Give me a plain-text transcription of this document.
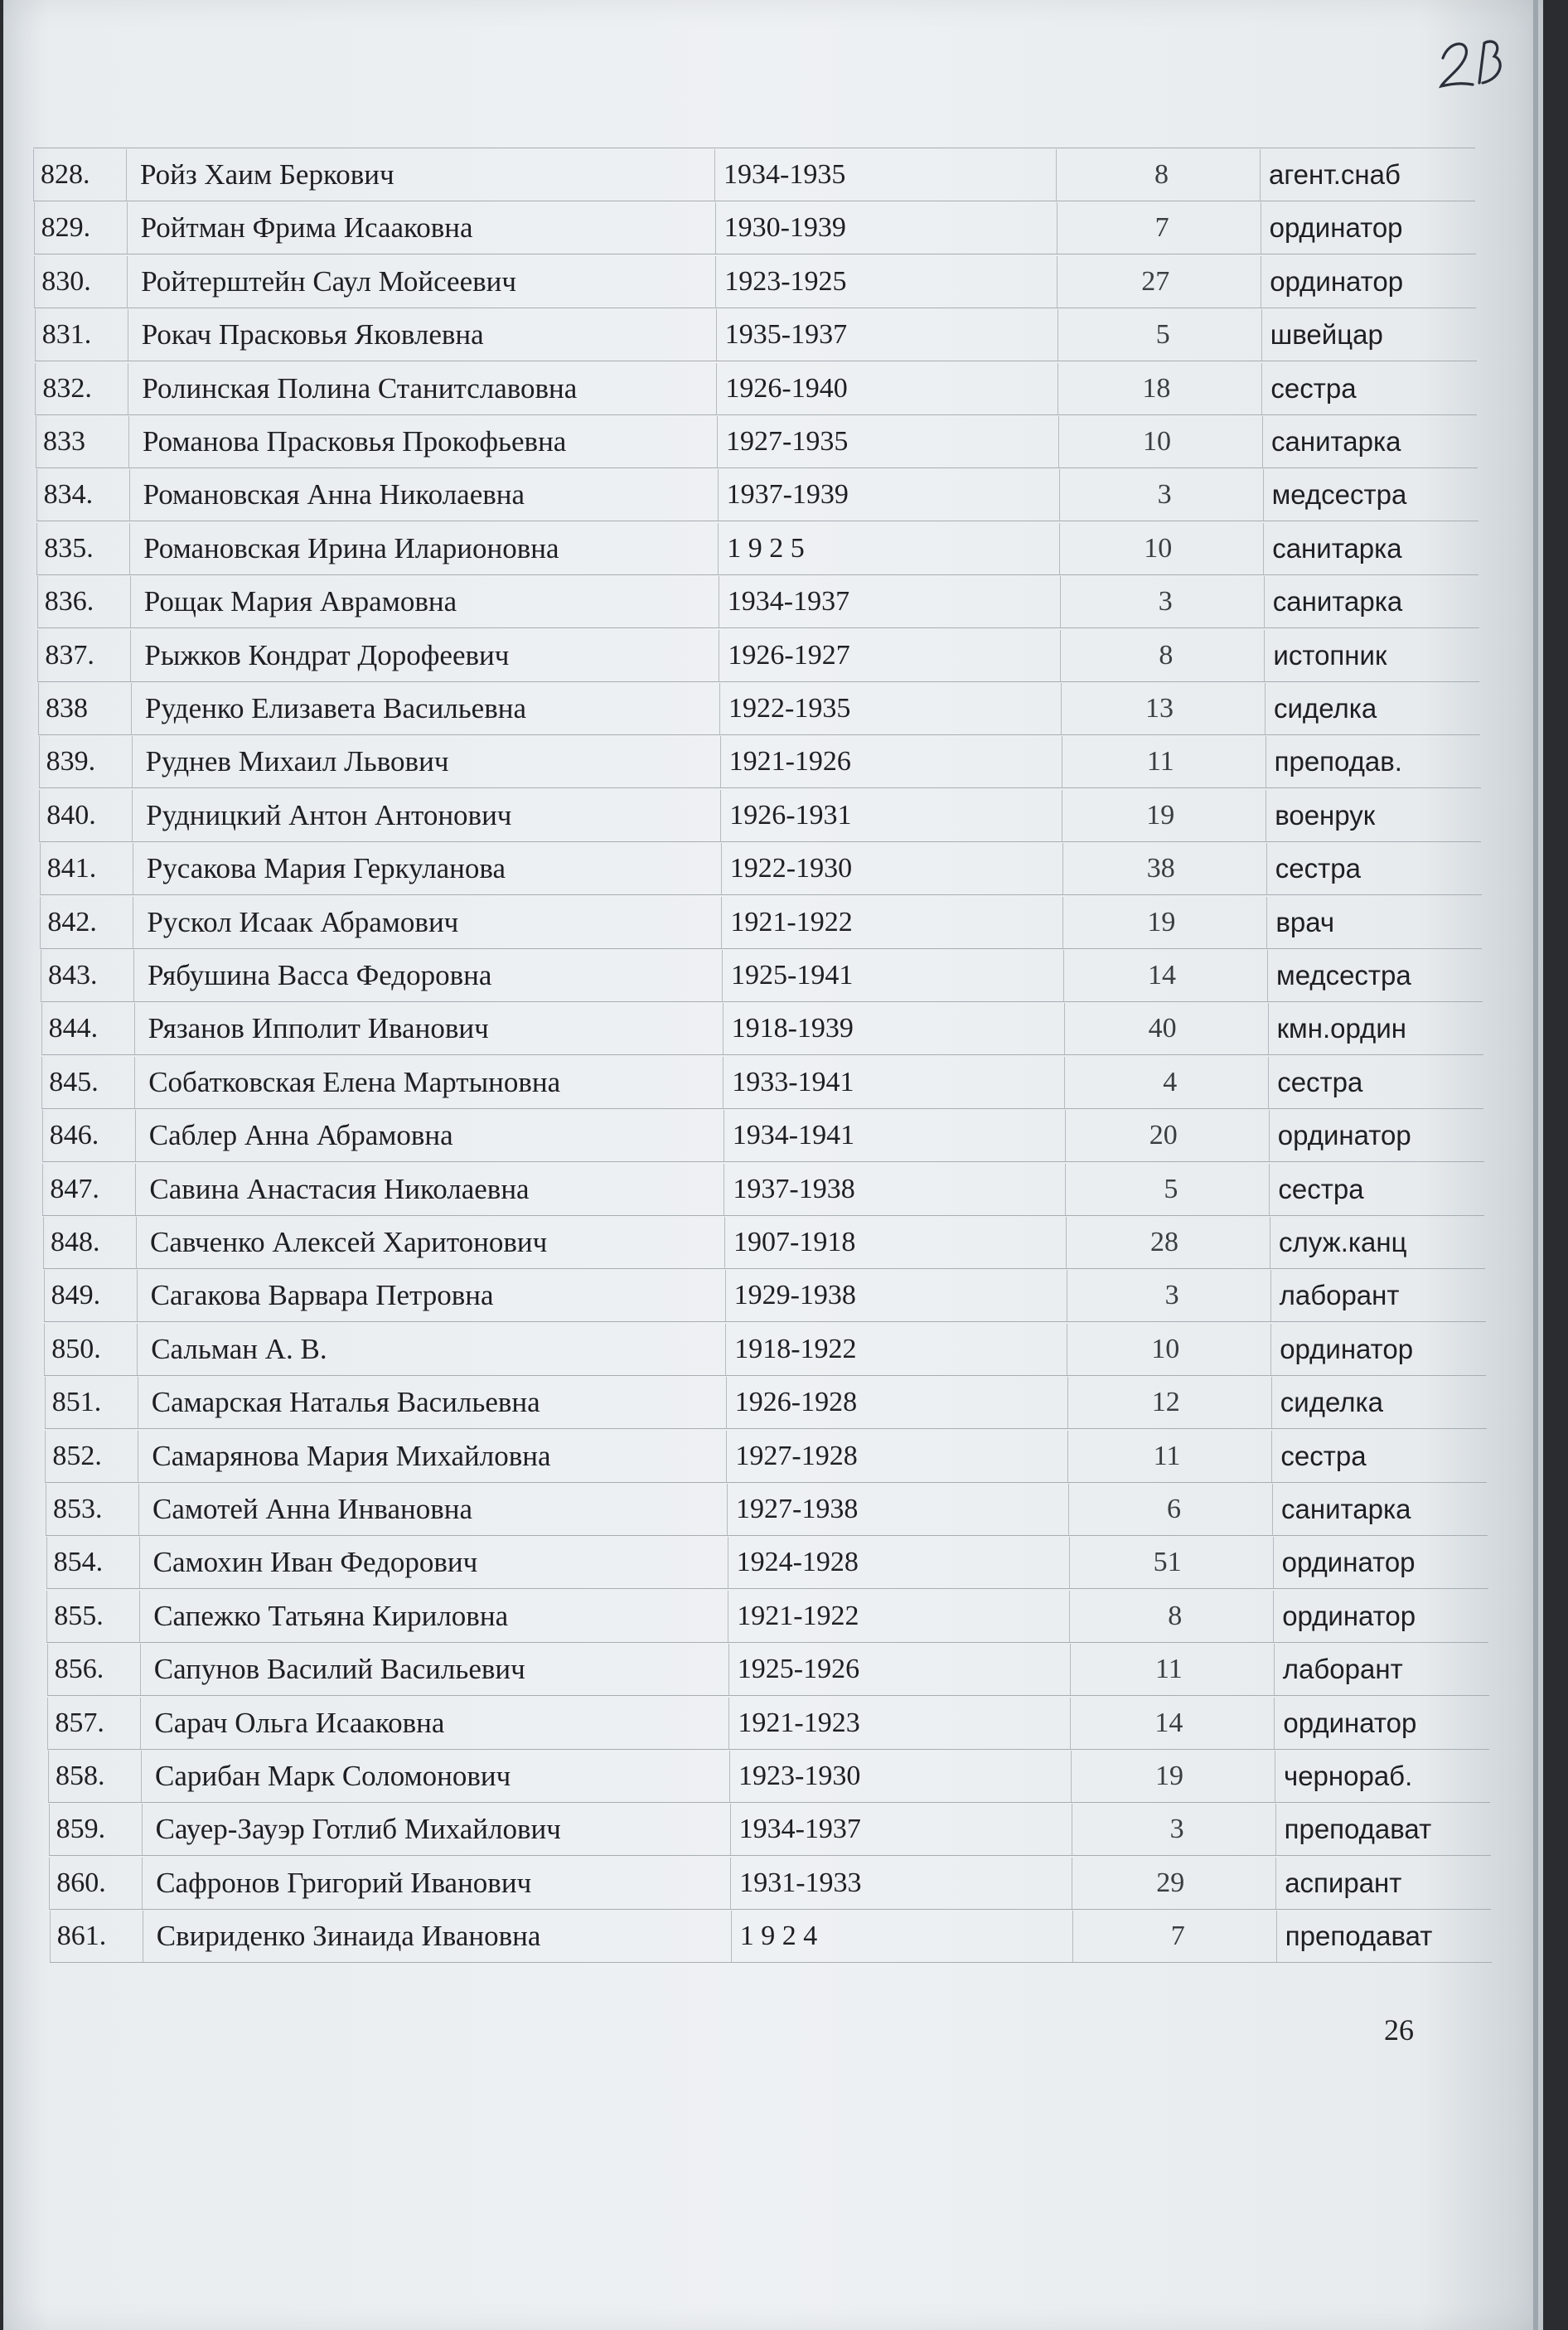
828.	Ройз Хаим Беркович	1934-1935	8	агент.снаб
829.	Ройтман Фрима Исааковна	1930-1939	7	ординатор
830.	Ройтерштейн Саул Мойсеевич	1923-1925	27	ординатор
831.	Рокач Прасковья Яковлевна	1935-1937	5	швейцар
832.	Ролинская Полина Станитславовна	1926-1940	18	сестра
833	Романова Прасковья Прокофьевна	1927-1935	10	санитарка
834.	Романовская Анна Николаевна	1937-1939	3	медсестра
835.	Романовская Ирина Иларионовна	1 9 2 5	10	санитарка
836.	Рощак Мария Аврамовна	1934-1937	3	санитарка
837.	Рыжков Кондрат Дорофеевич	1926-1927	8	истопник
838	Руденко Елизавета Васильевна	1922-1935	13	сиделка
839.	Руднев Михаил Львович	1921-1926	11	преподав.
840.	Рудницкий Антон Антонович	1926-1931	19	военрук
841.	Русакова Мария Геркуланова	1922-1930	38	сестра
842.	Рускол Исаак Абрамович	1921-1922	19	врач
843.	Рябушина Васса Федоровна	1925-1941	14	медсестра
844.	Рязанов Ипполит Иванович	1918-1939	40	кмн.ордин
845.	Собатковская Елена Мартыновна	1933-1941	4	сестра
846.	Саблер Анна Абрамовна	1934-1941	20	ординатор
847.	Савина Анастасия Николаевна	1937-1938	5	сестра
848.	Савченко Алексей Харитонович	1907-1918	28	служ.канц
849.	Сагакова Варвара Петровна	1929-1938	3	лаборант
850.	Сальман А. В.	1918-1922	10	ординатор
851.	Самарская Наталья Васильевна	1926-1928	12	сиделка
852.	Самарянова Мария Михайловна	1927-1928	11	сестра
853.	Самотей Анна Инвановна	1927-1938	6	санитарка
854.	Самохин Иван Федорович	1924-1928	51	ординатор
855.	Сапежко Татьяна Кириловна	1921-1922	8	ординатор
856.	Сапунов Василий Васильевич	1925-1926	11	лаборант
857.	Сарач Ольга Исааковна	1921-1923	14	ординатор
858.	Сарибан Марк Соломонович	1923-1930	19	чернораб.
859.	Сауер-Зауэр Готлиб Михайлович	1934-1937	3	преподават
860.	Сафронов Григорий Иванович	1931-1933	29	аспирант
861.	Свириденко Зинаида Ивановна	1 9 2 4	7	преподават
26
